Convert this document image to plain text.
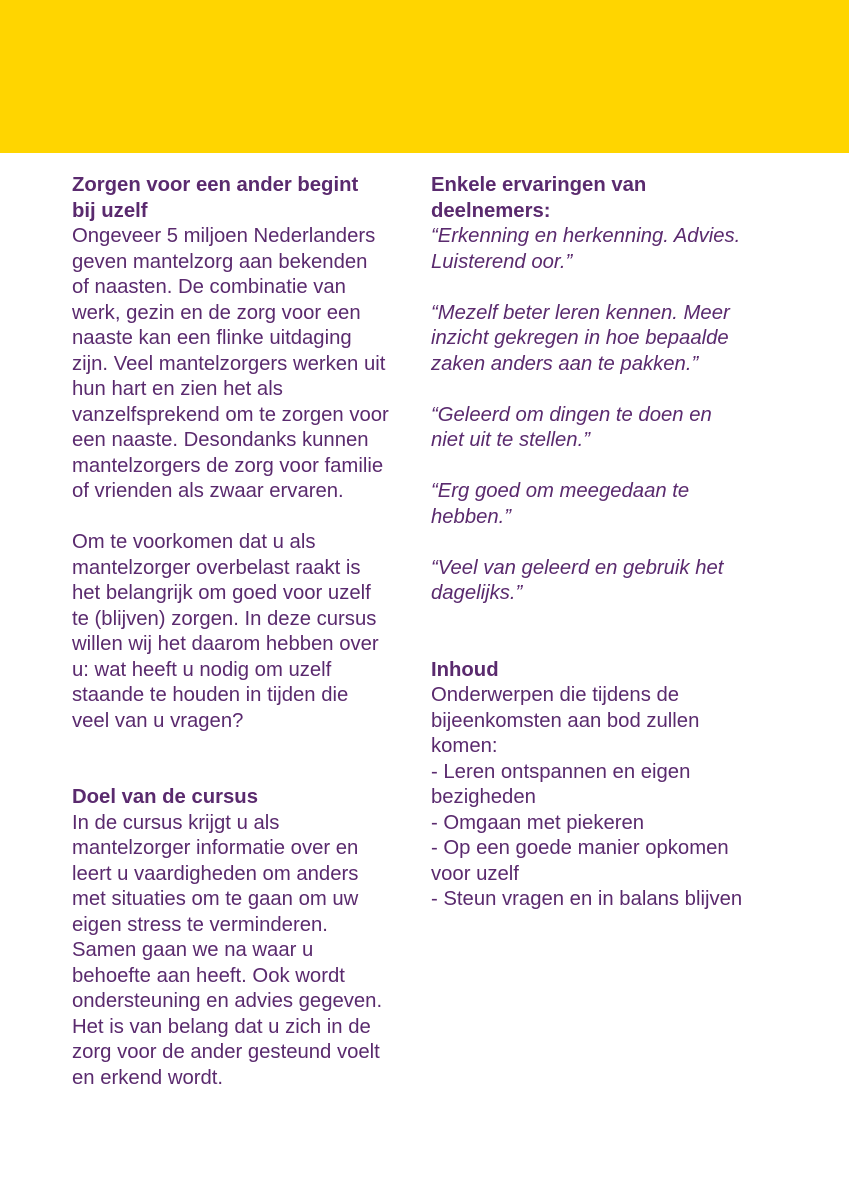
Zorgen voor een ander begint
bij uzelf

Ongeveer 5 miljoen Nederlanders
geven mantelzorg aan bekenden
of naasten. De combinatie van
werk, gezin en de zorg voor een
naaste kan een flinke uitdaging
zijn. Veel mantelzorgers werken uit
hun hart en zien het als
vanzelfsprekend om te zorgen voor
een naaste. Desondanks kunnen
mantelzorgers de zorg voor familie
of vrienden als zwaar ervaren.

Om te voorkomen dat u als
mantelzorger overbelast raakt is
het belangrijk om goed voor uzelf
te (blijven) zorgen. In deze cursus
willen wij het daarom hebben over
u: wat heeft u nodig om uzelf
staande te houden in tijden die
veel van u vragen?

Doel van de cursus

In de cursus krijgt u als
mantelzorger informatie over en
leert u vaardigheden om anders
met situaties om te gaan om uw
eigen stress te verminderen.
Samen gaan we na waar u
behoefte aan heeft. Ook wordt
ondersteuning en advies gegeven.
Het is van belang dat u zich in de
zorg voor de ander gesteund voelt
en erkend wordt.

Enkele ervaringen van
deelnemers:

“Erkenning en herkenning. Advies.
Luisterend oor.”

“Mezelf beter leren kennen. Meer
inzicht gekregen in hoe bepaalde
zaken anders aan te pakken.”

“Geleerd om dingen te doen en
niet uit te stellen.”

“Erg goed om meegedaan te
hebben.”

“Veel van geleerd en gebruik het
dagelijks.”

Inhoud

Onderwerpen die tijdens de
bijeenkomsten aan bod zullen
komen:

- Leren ontspannen en eigen
bezigheden
- Omgaan met piekeren
- Op een goede manier opkomen
voor uzelf
- Steun vragen en in balans blijven
